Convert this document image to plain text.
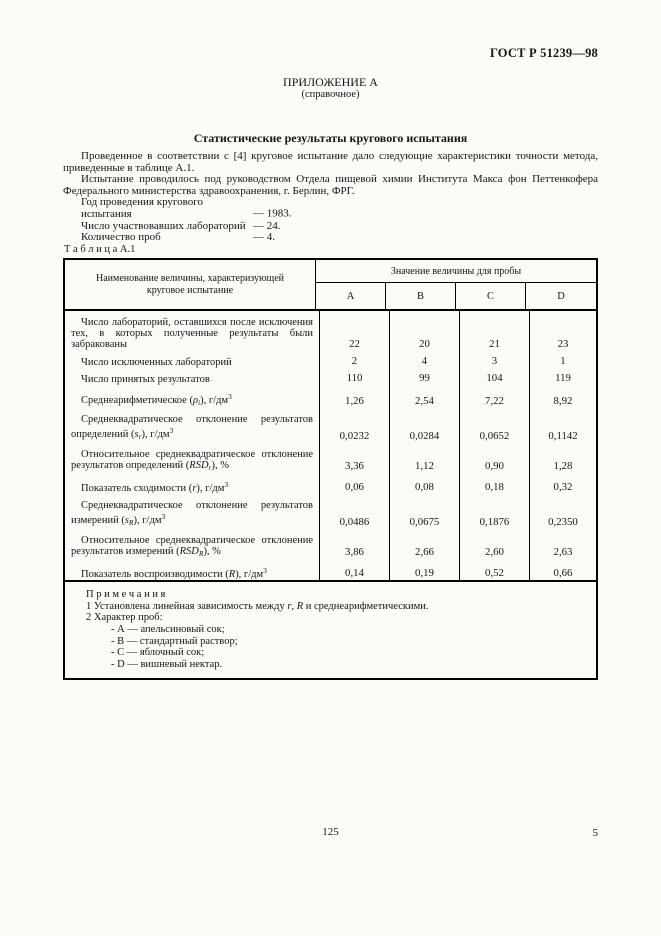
ГОСТ Р 51239—98
ПРИЛОЖЕНИЕ А
(справочное)
Статистические результаты кругового испытания

Проведенное в соответствии с [4] круговое испытание дало следующие характеристики точности метода, приведенные в таблице А.1.

Испытание проводилось под руководством Отдела пищевой химии Института Макса фон Петтенкофера Федерального министерства здравоохранения, г. Берлин, ФРГ.

Год проведения кругового испытания	— 1983.
Число участвовавших лабораторий — 24.
Количество проб	— 4.
Т а б л и ц а А.1
Наименование величины, характеризующей круговое испытание
Значение величины для пробы
А	В	С	D
Число лабораторий, оставшихся после исключения тех, в которых полученные результаты были забракованы	22	20	21	23
Число исключенных лабораторий	2	4	3	1
Число принятых результатов	110	99	104	119
Среднеарифметическое $(\rho_i)$, $г/дм^3$	1,26	2,54	7,22	8,92
Среднеквадратическое отклонение результатов определений $(s_r)$, $г/дм^3$	0,0232	0,0284	0,0652	0,1142
Относительное среднеквадратическое отклонение результатов определений $(RSD_r)$, %	3,36	1,12	0,90	1,28
Показатель сходимости (r), $г/дм^3$	0,06	0,08	0,18	0,32
Среднеквадратическое отклонение результатов измерений $(s_R)$, $г/дм^3$	0,0486	0,0675	0,1876	0,2350
Относительное среднеквадратическое отклонение результатов измерений $(RSD_R)$, %	3,86	2,66	2,60	2,63
Показатель воспроизводимости (R), $г/дм^3$	0,14	0,19	0,52	0,66
П р и м е ч а н и я
1 Установлена линейная зависимость между r, R и среднеарифметическими.
2 Характер проб:
- А — апельсиновый сок;
- В — стандартный раствор;
- С — яблочный сок;
- D — вишневый нектар.
125	5
